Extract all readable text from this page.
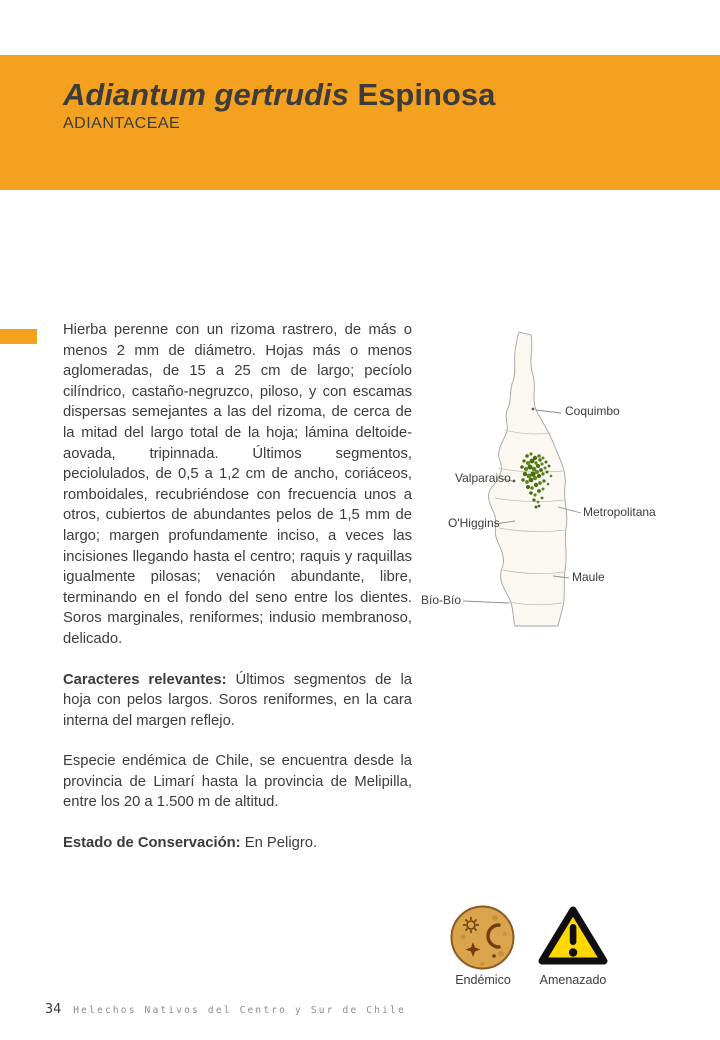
Adiantum gertrudis Espinosa
ADIANTACEAE

Hierba perenne con un rizoma rastrero, de más o menos 2 mm de diámetro. Hojas más o menos aglomeradas, de 15 a 25 cm de largo; pecíolo cilíndrico, castaño-negruzco, piloso, y con escamas dispersas semejantes a las del rizoma, de cerca de la mitad del largo total de la hoja; lámina deltoide-aovada, tripinnada. Últimos segmentos, peciolulados, de 0,5 a 1,2 cm de ancho, coriáceos, romboidales, recubriéndose con frecuencia unos a otros, cubiertos de abundantes pelos de 1,5 mm de largo; margen profundamente inciso, a veces las incisiones llegando hasta el centro; raquis y raquillas igualmente pilosas; venación abundante, libre, terminando en el fondo del seno entre los dientes. Soros marginales, reniformes; indusio membranoso, delicado.

Caracteres relevantes: Últimos segmentos de la hoja con pelos largos. Soros reniformes, en la cara interna del margen reflejo.

Especie endémica de Chile, se encuentra desde la provincia de Limarí hasta la provincia de Melipilla, entre los 20 a 1.500 m de altitud.

Estado de Conservación: En Peligro.

Coquimbo
Valparaiso
Metropolitana
O'Higgins
Maule
Bío-Bío
Endémico	Amenazado
34 Helechos Nativos del Centro y Sur de Chile
